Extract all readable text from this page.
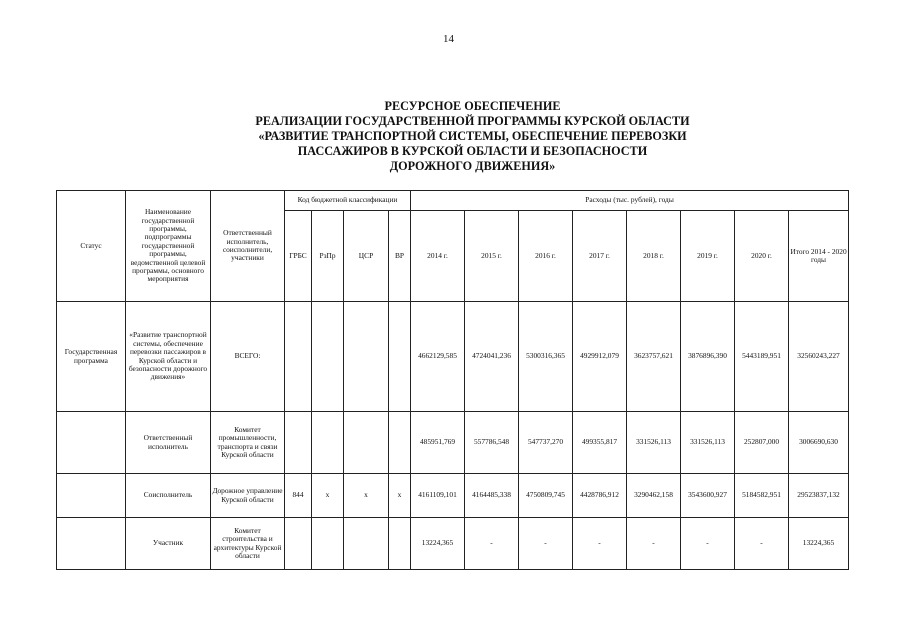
14
РЕСУРСНОЕ ОБЕСПЕЧЕНИЕ
РЕАЛИЗАЦИИ ГОСУДАРСТВЕННОЙ ПРОГРАММЫ КУРСКОЙ ОБЛАСТИ
«РАЗВИТИЕ ТРАНСПОРТНОЙ СИСТЕМЫ, ОБЕСПЕЧЕНИЕ ПЕРЕВОЗКИ
ПАССАЖИРОВ В КУРСКОЙ ОБЛАСТИ И БЕЗОПАСНОСТИ
ДОРОЖНОГО ДВИЖЕНИЯ»
Статус	Наименование государственной программы, подпрограммы государственной программы, ведомственной целевой программы, основного мероприятия	Ответственный исполнитель, соисполнители, участники	Код бюджетной классификации				Расходы (тыс. рублей), годы							
			ГРБС	РзПр	ЦСР	ВР	2014 г.	2015 г.	2016 г.	2017 г.	2018 г.	2019 г.	2020 г.	Итого 2014 - 2020 годы
Государственная программа	«Развитие транспортной системы, обеспечение перевозки пассажиров в Курской области и безопасности дорожного движения»	ВСЕГО:					4662129,585	4724041,236	5300316,365	4929912,079	3623757,621	3876896,390	5443189,951	32560243,227
	Ответственный исполнитель	Комитет промышленности, транспорта и связи Курской области					485951,769	557786,548	547737,270	499355,817	331526,113	331526,113	252807,000	3006690,630
	Соисполнитель	Дорожное управление Курской области	844	х	х	х	4161109,101	4164485,338	4750809,745	4428786,912	3290462,158	3543600,927	5184582,951	29523837,132
	Участник	Комитет строительства и архитектуры Курской области					13224,365	-	-	-	-	-	-	13224,365
